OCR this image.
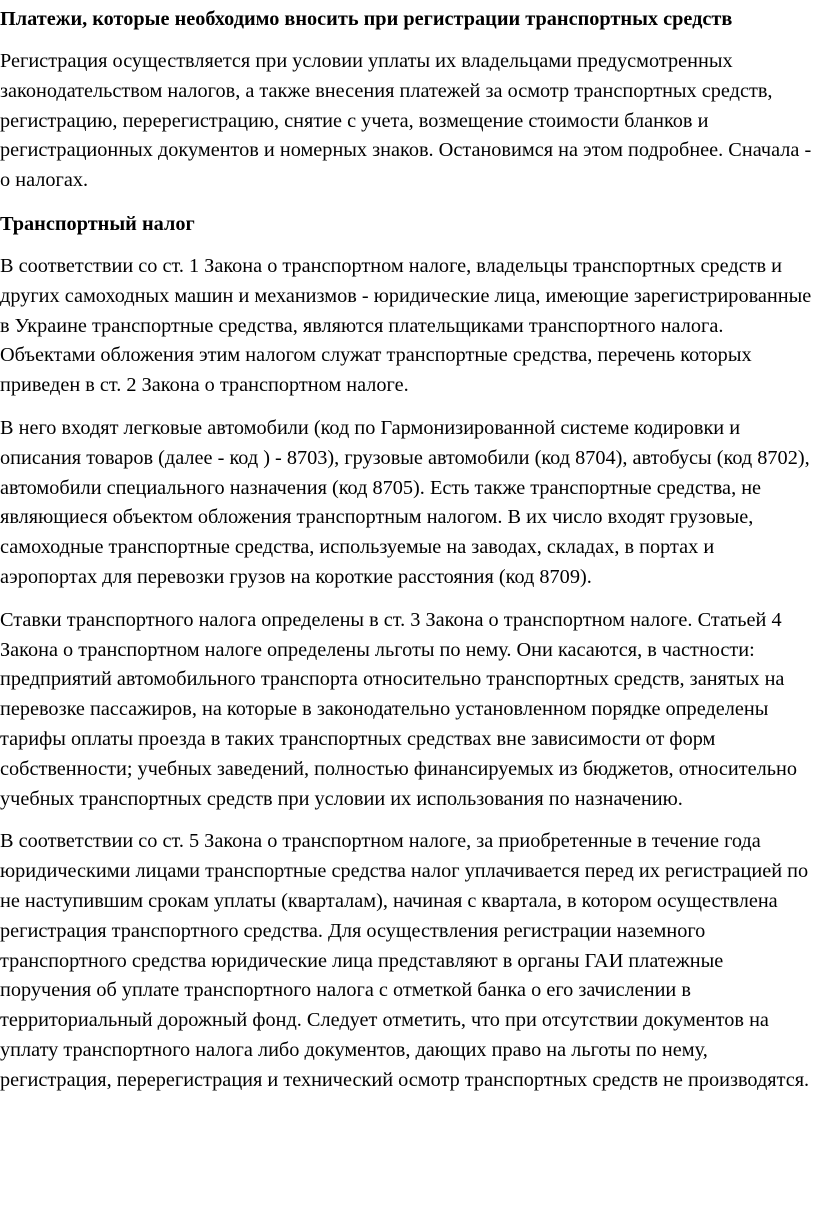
Платежи, которые необходимо вносить при регистрации транспортных средств

Регистрация осуществляется при условии уплаты их владельцами предусмотренных законодательством налогов, а также внесения платежей за осмотр транспортных средств, регистрацию, перерегистрацию, снятие с учета, возмещение стоимости бланков и регистрационных документов и номерных знаков. Остановимся на этом подробнее. Сначала - о налогах.

Транспортный налог

В соответствии со ст. 1 Закона о транспортном налоге, владельцы транспортных средств и других самоходных машин и механизмов - юридические лица, имеющие зарегистрированные в Украине транспортные средства, являются плательщиками транспортного налога. Объектами обложения этим налогом служат транспортные средства, перечень которых приведен в ст. 2 Закона о транспортном налоге.

В него входят легковые автомобили (код по Гармонизированной системе кодировки и описания товаров (далее - код ) - 8703), грузовые автомобили (код 8704), автобусы (код 8702), автомобили специального назначения (код 8705). Есть также транспортные средства, не являющиеся объектом обложения транспортным налогом. В их число входят грузовые, самоходные транспортные средства, используемые на заводах, складах, в портах и аэропортах для перевозки грузов на короткие расстояния (код 8709).

Ставки транспортного налога определены в ст. 3 Закона о транспортном налоге. Статьей 4 Закона о транспортном налоге определены льготы по нему. Они касаются, в частности: предприятий автомобильного транспорта относительно транспортных средств, занятых на перевозке пассажиров, на которые в законодательно установленном порядке определены тарифы оплаты проезда в таких транспортных средствах вне зависимости от форм собственности; учебных заведений, полностью финансируемых из бюджетов, относительно учебных транспортных средств при условии их использования по назначению.

В соответствии со ст. 5 Закона о транспортном налоге, за приобретенные в течение года юридическими лицами транспортные средства налог уплачивается перед их регистрацией по не наступившим срокам уплаты (кварталам), начиная с квартала, в котором осуществлена регистрация транспортного средства. Для осуществления регистрации наземного транспортного средства юридические лица представляют в органы ГАИ платежные поручения об уплате транспортного налога с отметкой банка о его зачислении в территориальный дорожный фонд. Следует отметить, что при отсутствии документов на уплату транспортного налога либо документов, дающих право на льготы по нему, регистрация, перерегистрация и технический осмотр транспортных средств не производятся.
